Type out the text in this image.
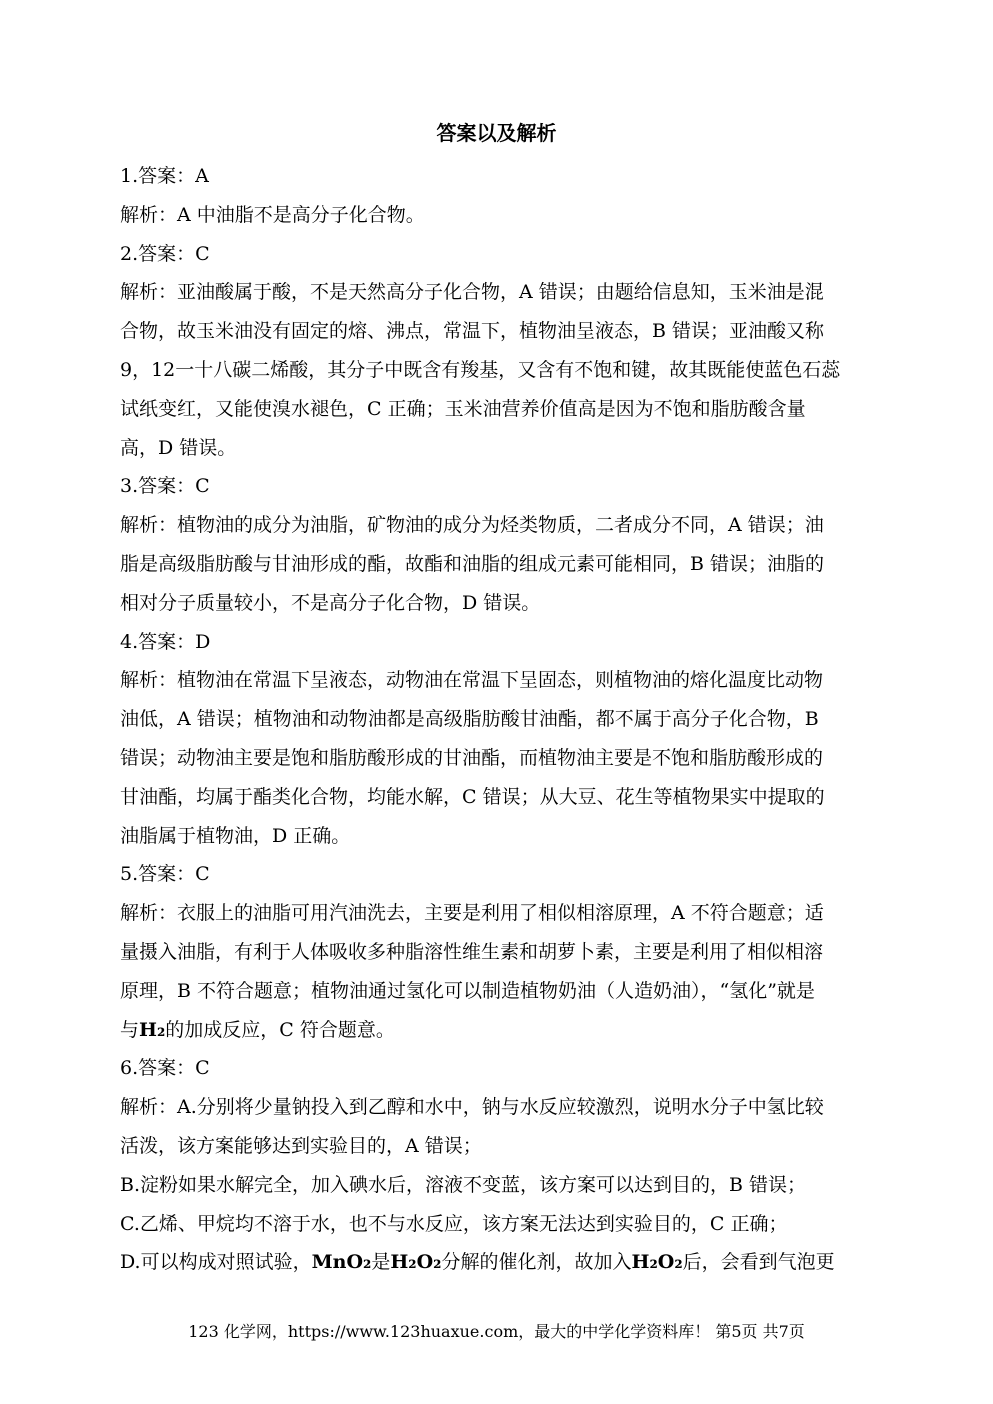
答案以及解析
1.答案：A
解析：A 中油脂不是高分子化合物。
2.答案：C
解析：亚油酸属于酸，不是天然高分子化合物，A 错误；由题给信息知，玉米油是混
合物，故玉米油没有固定的熔、沸点，常温下，植物油呈液态，B 错误；亚油酸又称
9，12一十八碳二烯酸，其分子中既含有羧基，又含有不饱和键，故其既能使蓝色石蕊
试纸变红，又能使溴水褪色，C 正确；玉米油营养价值高是因为不饱和脂肪酸含量
高，D 错误。
3.答案：C
解析：植物油的成分为油脂，矿物油的成分为烃类物质，二者成分不同，A 错误；油
脂是高级脂肪酸与甘油形成的酯，故酯和油脂的组成元素可能相同，B 错误；油脂的
相对分子质量较小，不是高分子化合物，D 错误。
4.答案：D
解析：植物油在常温下呈液态，动物油在常温下呈固态，则植物油的熔化温度比动物
油低，A 错误；植物油和动物油都是高级脂肪酸甘油酯，都不属于高分子化合物，B
错误；动物油主要是饱和脂肪酸形成的甘油酯，而植物油主要是不饱和脂肪酸形成的
甘油酯，均属于酯类化合物，均能水解，C 错误；从大豆、花生等植物果实中提取的
油脂属于植物油，D 正确。
5.答案：C
解析：衣服上的油脂可用汽油洗去，主要是利用了相似相溶原理，A 不符合题意；适
量摄入油脂，有利于人体吸收多种脂溶性维生素和胡萝卜素，主要是利用了相似相溶
原理，B 不符合题意；植物油通过氢化可以制造植物奶油（人造奶油），“氢化”就是
与H₂的加成反应，C 符合题意。
6.答案：C
解析：A.分别将少量钠投入到乙醇和水中，钠与水反应较激烈，说明水分子中氢比较
活泼，该方案能够达到实验目的，A 错误；
B.淀粉如果水解完全，加入碘水后，溶液不变蓝，该方案可以达到目的，B 错误；
C.乙烯、甲烷均不溶于水，也不与水反应，该方案无法达到实验目的，C 正确；
D.可以构成对照试验，MnO₂是H₂O₂分解的催化剂，故加入H₂O₂后，会看到气泡更
123 化学网，https://www.123huaxue.com，最大的中学化学资料库！ 第5页 共7页
